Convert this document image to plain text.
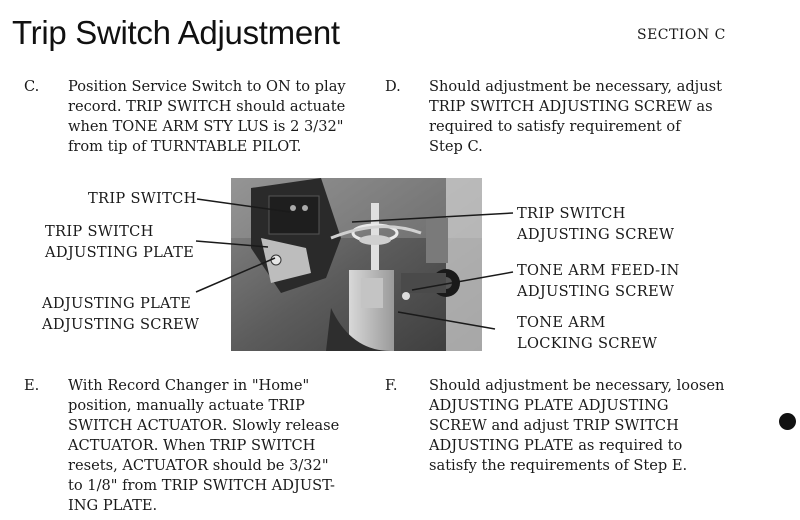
Trip Switch Adjustment	SECTION C
C. Position Service Switch to ON to play
record. TRIP SWITCH should actuate
when TONE ARM STY LUS is 2 3/32"
from tip of TURNTABLE PILOT.
D. Should adjustment be necessary, adjust
TRIP SWITCH ADJUSTING SCREW as
required to satisfy requirement of
Step C.
TRIP SWITCH
TRIP SWITCH
ADJUSTING PLATE
ADJUSTING PLATE
ADJUSTING SCREW
TRIP SWITCH
ADJUSTING SCREW
TONE ARM FEED-IN
ADJUSTING SCREW
TONE ARM
LOCKING SCREW
E. With Record Changer in "Home"
position, manually actuate TRIP
SWITCH ACTUATOR. Slowly release
ACTUATOR. When TRIP SWITCH
resets, ACTUATOR should be 3/32"
to 1/8" from TRIP SWITCH ADJUST-
ING PLATE.
F. Should adjustment be necessary, loosen
ADJUSTING PLATE ADJUSTING
SCREW and adjust TRIP SWITCH
ADJUSTING PLATE as required to
satisfy the requirements of Step E.
